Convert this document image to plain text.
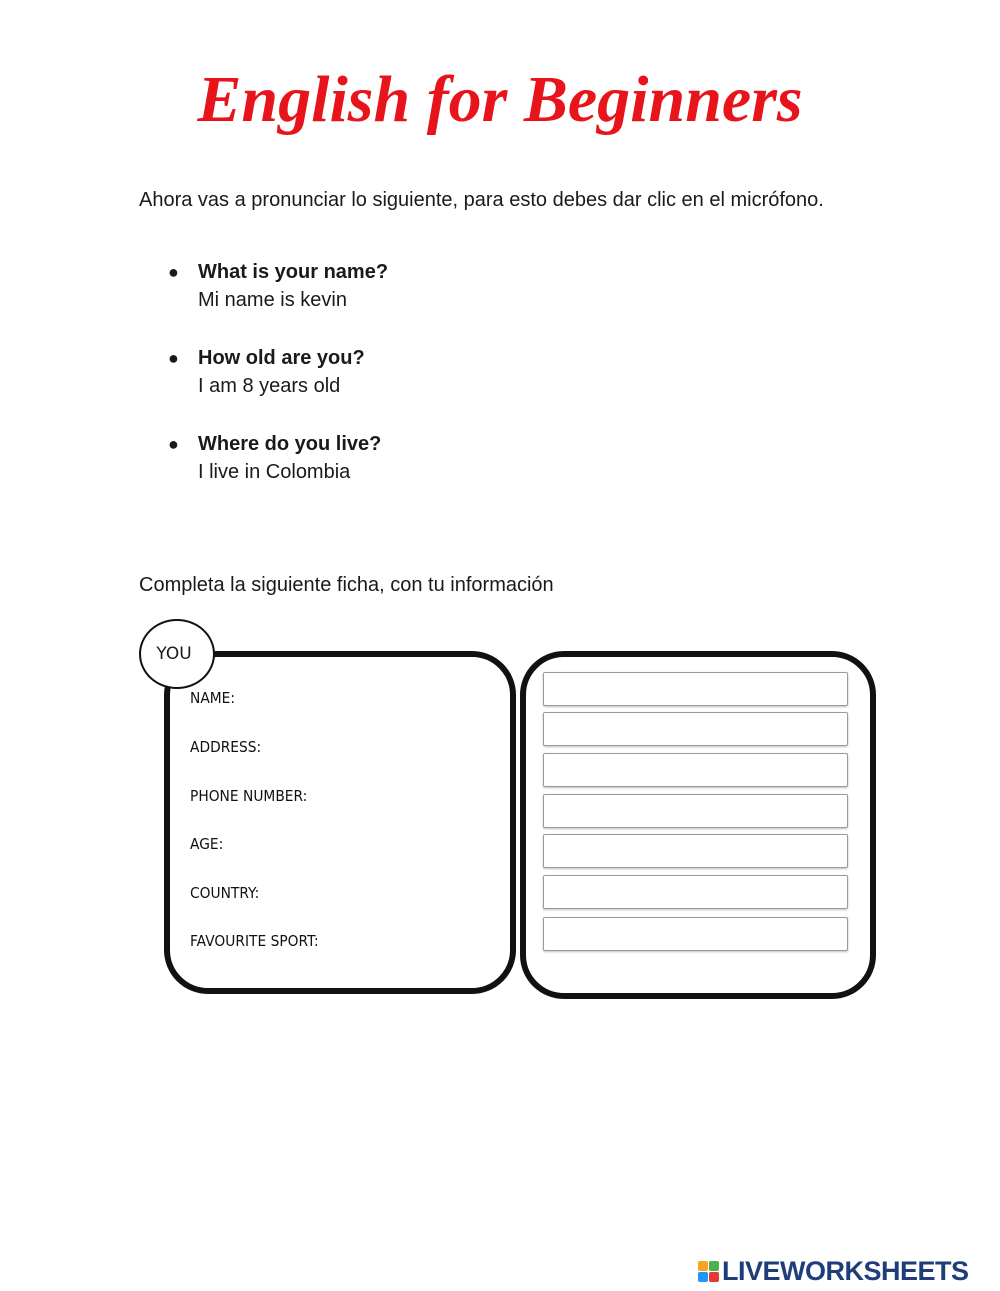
English for Beginners
Ahora vas a pronunciar lo siguiente, para esto debes dar clic en el micrófono.
● What is your name?
Mi name is kevin
● How old are you?
I am 8 years old
● Where do you live?
I live in Colombia
Completa la siguiente ficha, con tu información
YOU
NAME:
ADDRESS:
PHONE NUMBER:
AGE:
COUNTRY:
FAVOURITE SPORT:
LIVEWORKSHEETS
